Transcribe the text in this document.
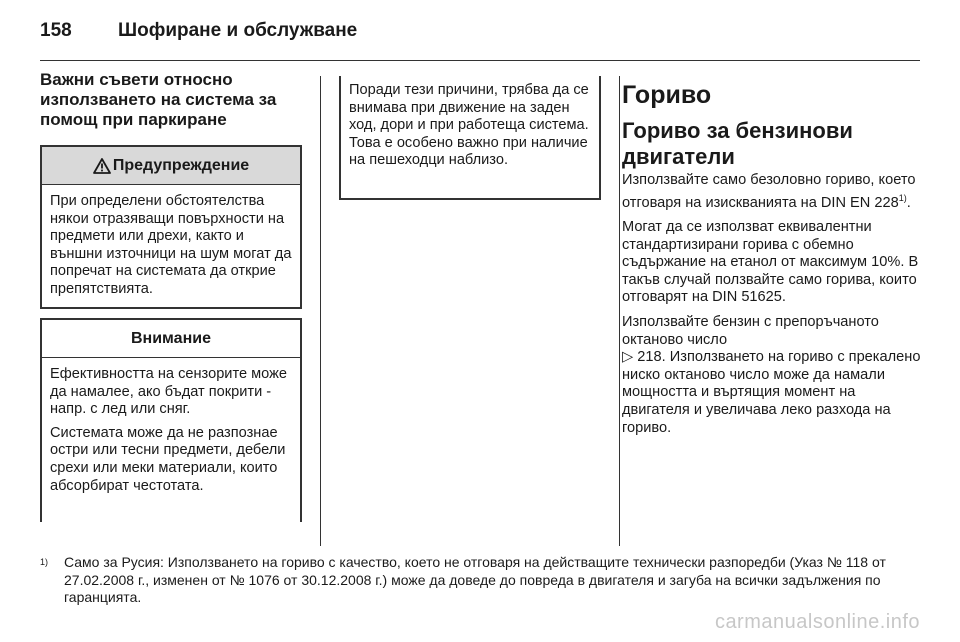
158	Шофиране и обслужване
Важни съвети относно използването на система за помощ при паркиране
Предупреждение

При определени обстоятелства някои отразяващи повърхности на предмети или дрехи, както и външни източници на шум могат да попречат на системата да открие препятствията.

Внимание

Ефективността на сензорите може да намалее, ако бъдат покрити - напр. с лед или сняг.

Системата може да не разпознае остри или тесни предмети, дебели срехи или меки материали, които абсорбират честотата.

Поради тези причини, трябва да се внимава при движение на заден ход, дори и при работеща система. Това е особено важно при наличие на пешеходци наблизо.

Гориво
Гориво за бензинови двигатели

Използвайте само безоловно гориво, което отговаря на изискванията на DIN EN 228$^{1)}$.

Могат да се използват еквивалентни стандартизирани горива с обемно съдържание на етанол от максимум 10%. В такъв случай ползвайте само горива, които отговарят на DIN 51625.

Използвайте бензин с препоръчаното октаново число
▷ 218. Използването на гориво с прекалено ниско октаново число може да намали мощността и въртящия момент на двигателя и увеличава леко разхода на гориво.

1)	Само за Русия: Използването на гориво с качество, което не отговаря на действащите технически разпоредби (Указ № 118 от 27.02.2008 г., изменен от № 1076 от 30.12.2008 г.) може да доведе до повреда в двигателя и загуба на всички задължения по гаранцията.
carmanualsonline.info
